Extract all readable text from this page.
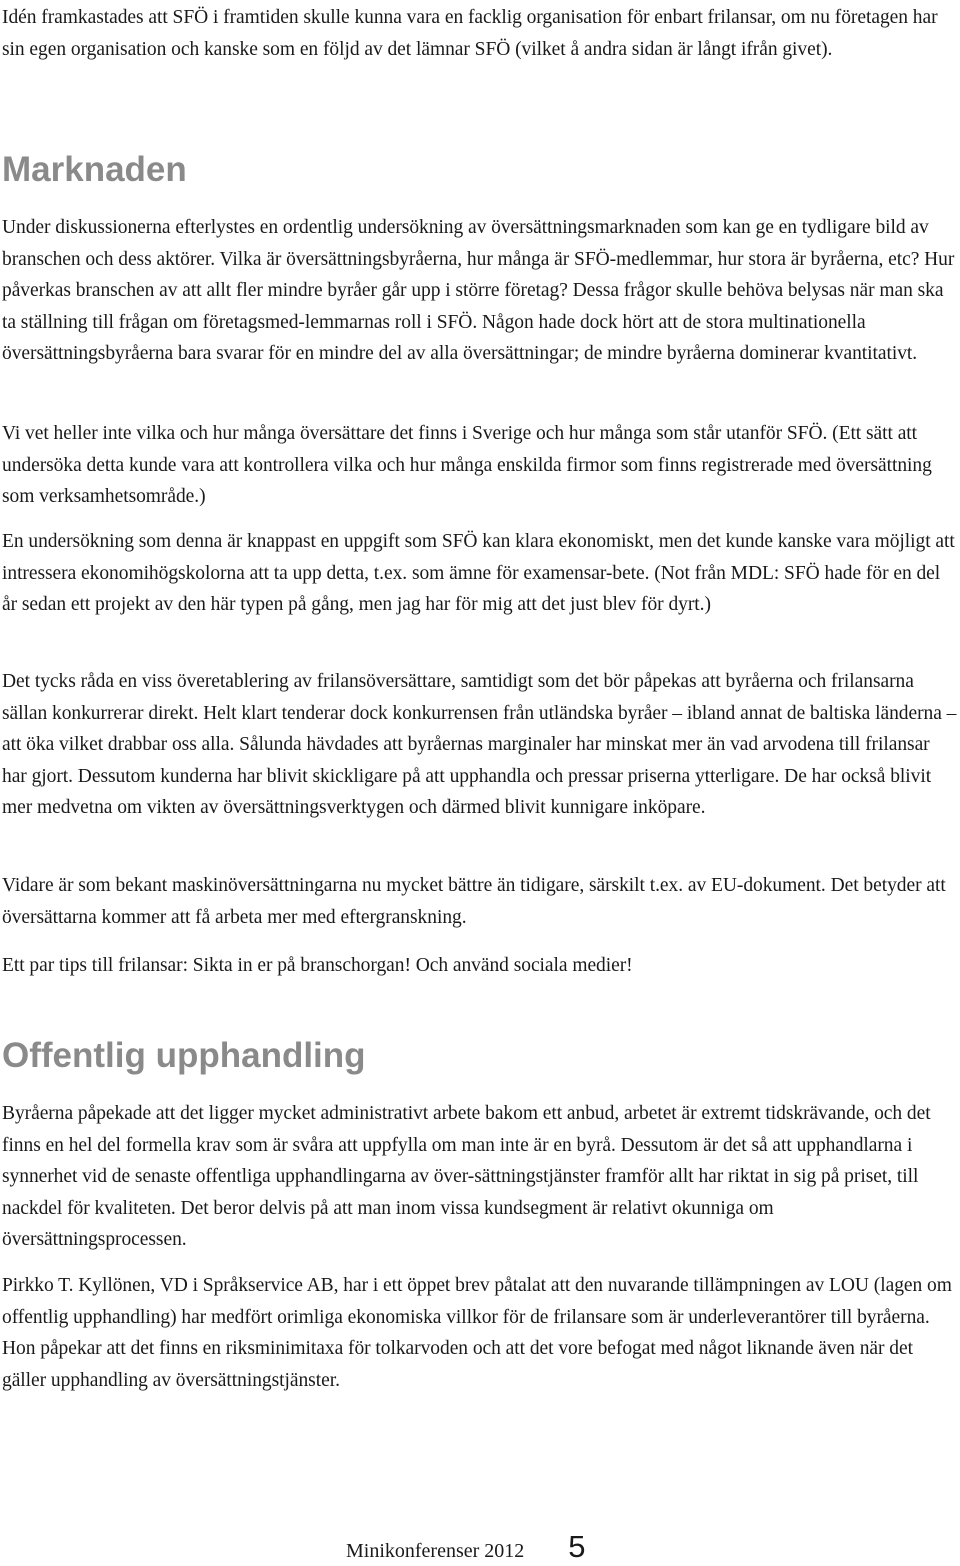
Idén framkastades att SFÖ i framtiden skulle kunna vara en facklig organisation för enbart frilansar, om nu företagen har sin egen organisation och kanske som en följd av det lämnar SFÖ (vilket å andra sidan är långt ifrån givet).

Marknaden

Under diskussionerna efterlystes en ordentlig undersökning av översättningsmarknaden som kan ge en tydligare bild av branschen och dess aktörer. Vilka är översättningsbyråerna, hur många är SFÖ-medlemmar, hur stora är byråerna, etc? Hur påverkas branschen av att allt fler mindre byråer går upp i större företag? Dessa frågor skulle behöva belysas när man ska ta ställning till frågan om företagsmed-lemmarnas roll i SFÖ. Någon hade dock hört att de stora multinationella översättningsbyråerna bara svarar för en mindre del av alla översättningar; de mindre byråerna dominerar kvantitativt.

Vi vet heller inte vilka och hur många översättare det finns i Sverige och hur många som står utanför SFÖ. (Ett sätt att undersöka detta kunde vara att kontrollera vilka och hur många enskilda firmor som finns registrerade med översättning som verksamhetsområde.)

En undersökning som denna är knappast en uppgift som SFÖ kan klara ekonomiskt, men det kunde kanske vara möjligt att intressera ekonomihögskolorna att ta upp detta, t.ex. som ämne för examensar-bete. (Not från MDL: SFÖ hade för en del år sedan ett projekt av den här typen på gång, men jag har för mig att det just blev för dyrt.)

Det tycks råda en viss överetablering av frilansöversättare, samtidigt som det bör påpekas att byråerna och frilansarna sällan konkurrerar direkt. Helt klart tenderar dock konkurrensen från utländska byråer – ibland annat de baltiska länderna – att öka vilket drabbar oss alla. Sålunda hävdades att byråernas marginaler har minskat mer än vad arvodena till frilansar har gjort. Dessutom kunderna har blivit skickligare på att upphandla och pressar priserna ytterligare. De har också blivit mer medvetna om vikten av översättningsverktygen och därmed blivit kunnigare inköpare.

Vidare är som bekant maskinöversättningarna nu mycket bättre än tidigare, särskilt t.ex. av EU-dokument. Det betyder att översättarna kommer att få arbeta mer med eftergranskning.

Ett par tips till frilansar: Sikta in er på branschorgan! Och använd sociala medier!

Offentlig upphandling

Byråerna påpekade att det ligger mycket administrativt arbete bakom ett anbud, arbetet är extremt tidskrävande, och det finns en hel del formella krav som är svåra att uppfylla om man inte är en byrå. Dessutom är det så att upphandlarna i synnerhet vid de senaste offentliga upphandlingarna av över-sättningstjänster framför allt har riktat in sig på priset, till nackdel för kvaliteten. Det beror delvis på att man inom vissa kundsegment är relativt okunniga om översättningsprocessen.

Pirkko T. Kyllönen, VD i Språkservice AB, har i ett öppet brev påtalat att den nuvarande tillämpningen av LOU (lagen om offentlig upphandling) har medfört orimliga ekonomiska villkor för de frilansare som är underleverantörer till byråerna. Hon påpekar att det finns en riksminimitaxa för tolkarvoden och att det vore befogat med något liknande även när det gäller upphandling av översättningstjänster.

Minikonferenser 2012 5
